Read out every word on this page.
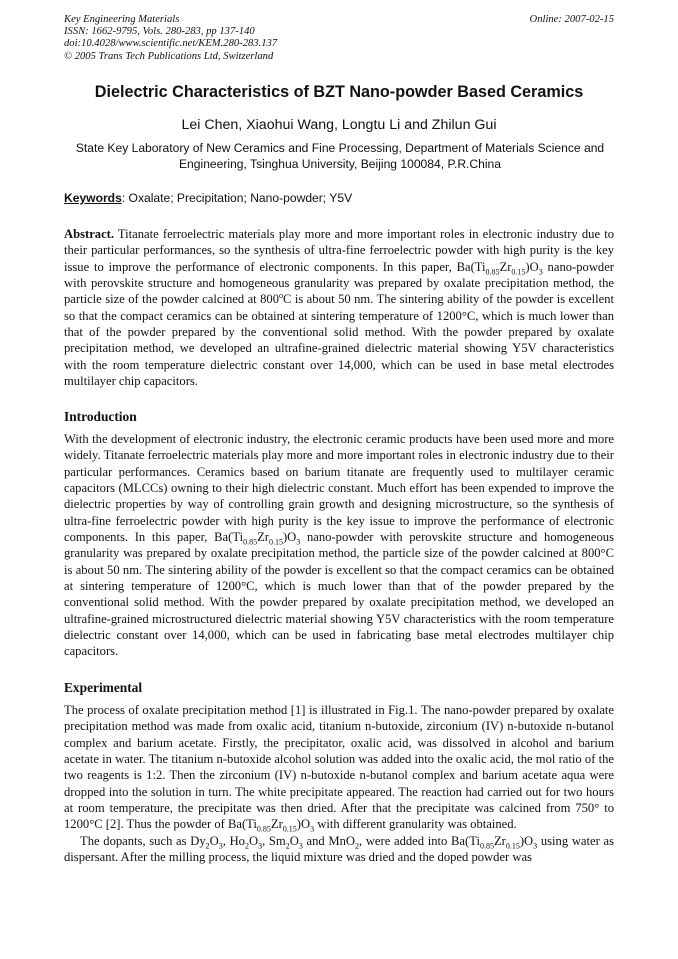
Key Engineering Materials
ISSN: 1662-9795, Vols. 280-283, pp 137-140
doi:10.4028/www.scientific.net/KEM.280-283.137
© 2005 Trans Tech Publications Ltd, Switzerland
Online: 2007-02-15
Dielectric Characteristics of BZT Nano-powder Based Ceramics
Lei Chen, Xiaohui Wang, Longtu Li and Zhilun Gui
State Key Laboratory of New Ceramics and Fine Processing, Department of Materials Science and Engineering, Tsinghua University, Beijing 100084, P.R.China
Keywords: Oxalate; Precipitation; Nano-powder; Y5V

Abstract. Titanate ferroelectric materials play more and more important roles in electronic industry due to their particular performances, so the synthesis of ultra-fine ferroelectric powder with high purity is the key issue to improve the performance of electronic components. In this paper, $Ba(Ti_{0.85}Zr_{0.15})O_3$ nano-powder with perovskite structure and homogeneous granularity was prepared by oxalate precipitation method, the particle size of the powder calcined at 800$^o$C is about 50 nm. The sintering ability of the powder is excellent so that the compact ceramics can be obtained at sintering temperature of 1200°C, which is much lower than that of the powder prepared by the conventional solid method. With the powder prepared by oxalate precipitation method, we developed an ultrafine-grained dielectric material showing Y5V characteristics with the room temperature dielectric constant over 14,000, which can be used in base metal electrodes multilayer chip capacitors.

Introduction

With the development of electronic industry, the electronic ceramic products have been used more and more widely. Titanate ferroelectric materials play more and more important roles in electronic industry due to their particular performances. Ceramics based on barium titanate are frequently used to multilayer ceramic capacitors (MLCCs) owning to their high dielectric constant. Much effort has been expended to improve the dielectric properties by way of controlling grain growth and designing microstructure, so the synthesis of ultra-fine ferroelectric powder with high purity is the key issue to improve the performance of electronic components. In this paper, $Ba(Ti_{0.85}Zr_{0.15})O_3$ nano-powder with perovskite structure and homogeneous granularity was prepared by oxalate precipitation method, the particle size of the powder calcined at 800°C is about 50 nm. The sintering ability of the powder is excellent so that the compact ceramics can be obtained at sintering temperature of 1200°C, which is much lower than that of the powder prepared by the conventional solid method. With the powder prepared by oxalate precipitation method, we developed an ultrafine-grained microstructured dielectric material showing Y5V characteristics with the room temperature dielectric constant over 14,000, which can be used in fabricating base metal electrodes multilayer chip capacitors.

Experimental

The process of oxalate precipitation method [1] is illustrated in Fig.1. The nano-powder prepared by oxalate precipitation method was made from oxalic acid, titanium n-butoxide, zirconium (IV) n-butoxide n-butanol complex and barium acetate. Firstly, the precipitator, oxalic acid, was dissolved in alcohol and barium acetate in water. The titanium n-butoxide alcohol solution was added into the oxalic acid, the mol ratio of the two reagents is 1:2. Then the zirconium (IV) n-butoxide n-butanol complex and barium acetate aqua were dropped into the solution in turn. The white precipitate appeared. The reaction had carried out for two hours at room temperature, the precipitate was then dried. After that the precipitate was calcined from 750° to 1200°C [2]. Thus the powder of $Ba(Ti_{0.85}Zr_{0.15})O_3$ with different granularity was obtained.

The dopants, such as $Dy_2O_3$, $Ho_2O_3$, $Sm_2O_3$ and MnO$_2$, were added into $Ba(Ti_{0.85}Zr_{0.15})O_3$ using water as dispersant. After the milling process, the liquid mixture was dried and the doped powder was
